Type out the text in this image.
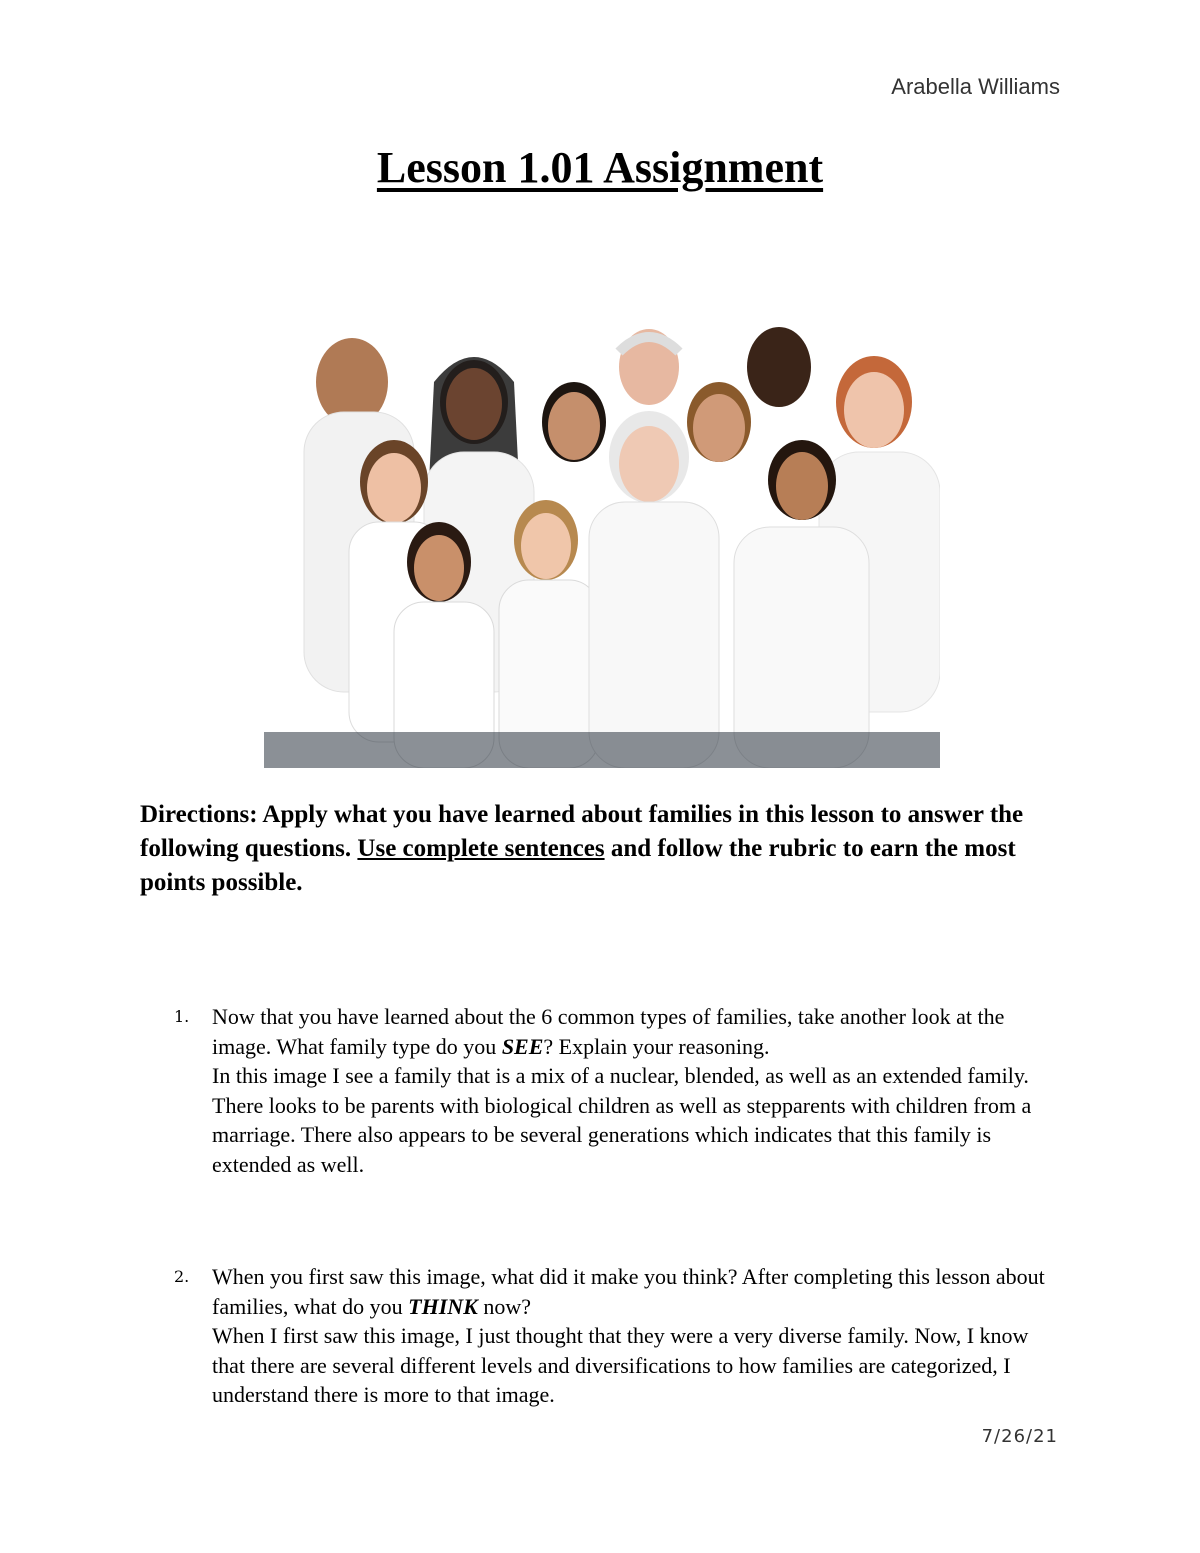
Arabella Williams
Lesson 1.01 Assignment
Directions: Apply what you have learned about families in this lesson to answer the following questions. Use complete sentences and follow the rubric to earn the most points possible.
1. Now that you have learned about the 6 common types of families, take another look at the image. What family type do you SEE? Explain your reasoning.
In this image I see a family that is a mix of a nuclear, blended, as well as an extended family. There looks to be parents with biological children as well as stepparents with children from a marriage. There also appears to be several generations which indicates that this family is extended as well.
2. When you first saw this image, what did it make you think? After completing this lesson about families, what do you THINK now?
When I first saw this image, I just thought that they were a very diverse family. Now, I know that there are several different levels and diversifications to how families are categorized, I understand there is more to that image.
7/26/21
